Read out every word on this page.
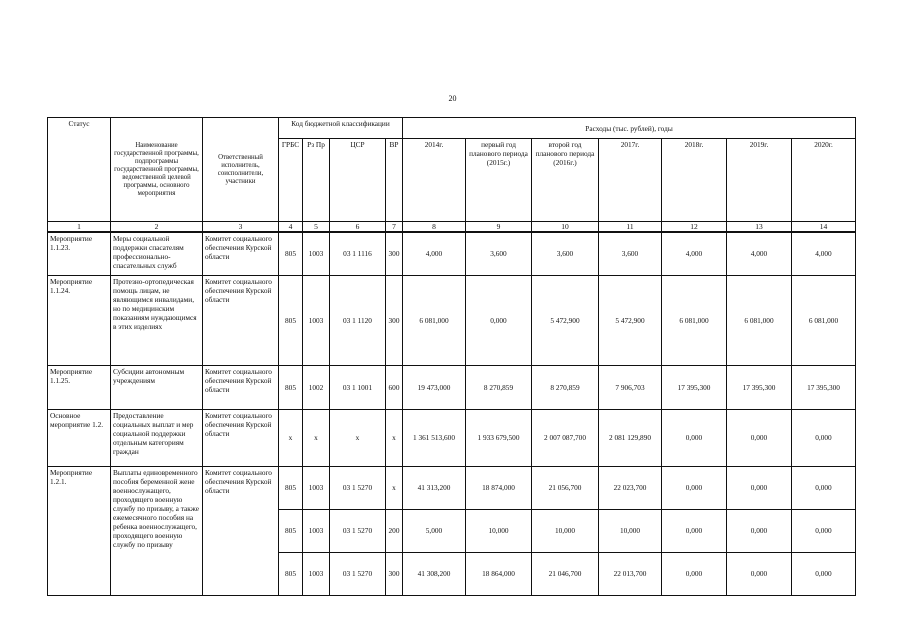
20
Статус	Наименование государственной программы, подпрограммы государственной программы, ведомственной целевой программы, основного мероприятия	Ответственный исполнитель, соисполнители, участники	Код бюджетной классификации				Расходы (тыс. рублей), годы						
			ГРБС	Рз Пр	ЦСР	ВР	2014г.	первый год планового периода (2015г.)	второй год планового периода (2016г.)	2017г.	2018г.	2019г.	2020г.
1	2	3	4	5	6	7	8	9	10	11	12	13	14
Мероприятие 1.1.23.	Меры социальной поддержки спасателям профессионально-спасательных служб	Комитет социального обеспечения Курской области	805	1003	03 1 1116	300	4,000	3,600	3,600	3,600	4,000	4,000	4,000
Мероприятие 1.1.24.	Протезно-ортопедическая помощь лицам, не являющимся инвалидами, но по медицинским показаниям нуждающимся в этих изделиях	Комитет социального обеспечения Курской области	805	1003	03 1 1120	300	6 081,000	0,000	5 472,900	5 472,900	6 081,000	6 081,000	6 081,000
Мероприятие 1.1.25.	Субсидии автономным учреждениям	Комитет социального обеспечения Курской области	805	1002	03 1 1001	600	19 473,000	8 270,859	8 270,859	7 906,703	17 395,300	17 395,300	17 395,300
Основное мероприятие 1.2.	Предоставление социальных выплат и мер социальной поддержки отдельным категориям граждан	Комитет социального обеспечения Курской области	х	х	х	х	1 361 513,600	1 933 679,500	2 007 087,700	2 081 129,890	0,000	0,000	0,000
Мероприятие 1.2.1.	Выплаты единовременного пособия беременной жене военнослужащего, проходящего военную службу по призыву, а также ежемесячного пособия на ребенка военнослужащего, проходящего военную службу по призыву	Комитет социального обеспечения Курской области	805	1003	03 1 5270	х	41 313,200	18 874,000	21 056,700	22 023,700	0,000	0,000	0,000
			805	1003	03 1 5270	200	5,000	10,000	10,000	10,000	0,000	0,000	0,000
			805	1003	03 1 5270	300	41 308,200	18 864,000	21 046,700	22 013,700	0,000	0,000	0,000
